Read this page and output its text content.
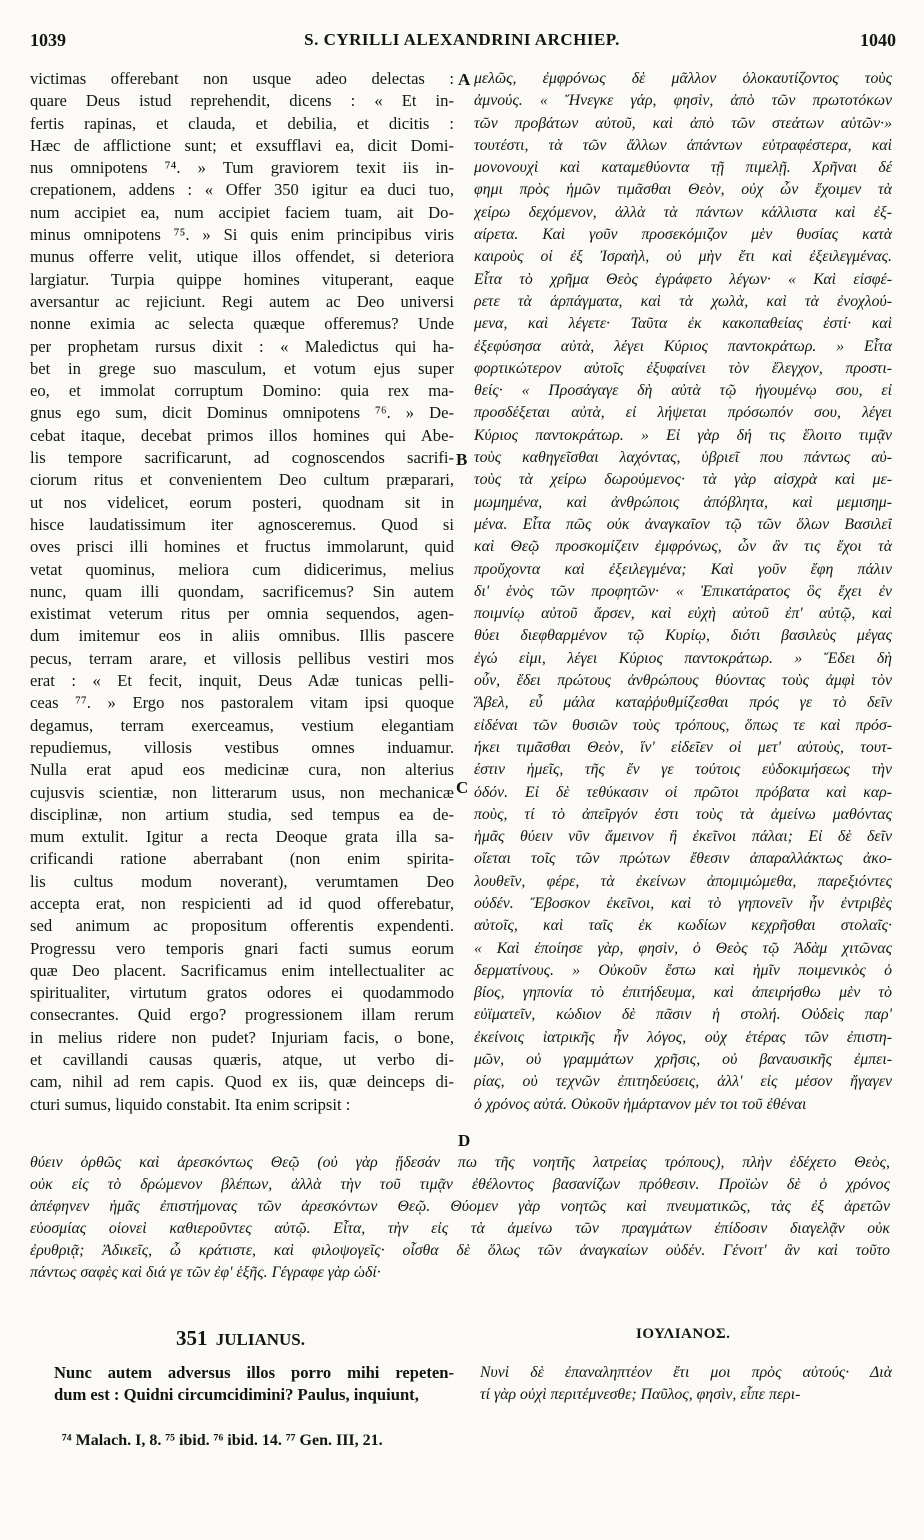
1039	S. CYRILLI ALEXANDRINI ARCHIEP.	1040
victimas offerebant non usque adeo delectas :
quare Deus istud reprehendit, dicens : « Et in-
fertis rapinas, et clauda, et debilia, et dicitis :
Hæc de afflictione sunt; et exsufflavi ea, dicit Domi-
nus omnipotens ⁷⁴. » Tum graviorem texit iis in-
crepationem, addens : « Offer 350 igitur ea duci tuo,
num accipiet ea, num accipiet faciem tuam, ait Do-
minus omnipotens ⁷⁵. » Si quis enim principibus viris
munus offerre velit, utique illos offendet, si deteriora
largiatur. Turpia quippe homines vituperant, eaque
aversantur ac rejiciunt. Regi autem ac Deo universi
nonne eximia ac selecta quæque offeremus? Unde
per prophetam rursus dixit : « Maledictus qui ha-
bet in grege suo masculum, et votum ejus super
eo, et immolat corruptum Domino: quia rex ma-
gnus ego sum, dicit Dominus omnipotens ⁷⁶. » De-
cebat itaque, decebat primos illos homines qui Abe-
lis tempore sacrificarunt, ad cognoscendos sacrifi-
ciorum ritus et convenientem Deo cultum præparari,
ut nos videlicet, eorum posteri, quodnam sit in
hisce laudatissimum iter agnosceremus. Quod si
oves prisci illi homines et fructus immolarunt, quid
vetat quominus, meliora cum didicerimus, melius
nunc, quam illi quondam, sacrificemus? Sin autem
existimat veterum ritus per omnia sequendos, agen-
dum imitemur eos in aliis omnibus. Illis pascere
pecus, terram arare, et villosis pellibus vestiri mos
erat : « Et fecit, inquit, Deus Adæ tunicas pelli-
ceas ⁷⁷. » Ergo nos pastoralem vitam ipsi quoque
degamus, terram exerceamus, vestium elegantiam
repudiemus, villosis vestibus omnes induamur.
Nulla erat apud eos medicinæ cura, non alterius
cujusvis scientiæ, non litterarum usus, non mechanicæ
disciplinæ, non artium studia, sed tempus ea de-
mum extulit. Igitur a recta Deoque grata illa sa-
crificandi ratione aberrabant (non enim spirita-
lis cultus modum noverant), verumtamen Deo
accepta erat, non respicienti ad id quod offerebatur,
sed animum ac propositum offerentis expendenti.
Progressu vero temporis gnari facti sumus eorum
quæ Deo placent. Sacrificamus enim intellectualiter ac
spiritualiter, virtutum gratos odores ei quodammodo
consecrantes. Quid ergo? progressionem illam rerum
in melius ridere non pudet? Injuriam facis, o bone,
et cavillandi causas quæris, atque, ut verbo di-
cam, nihil ad rem capis. Quod ex iis, quæ deinceps di-
cturi sumus, liquido constabit. Ita enim scripsit :
μελῶς, ἐμφρόνως δὲ μᾶλλον ὁλοκαυτίζοντος τοὺς
ἀμνούς. « Ἤνεγκε γάρ, φησὶν, ἀπὸ τῶν πρωτοτόκων
τῶν προβάτων αὐτοῦ, καὶ ἀπὸ τῶν στεάτων αὐτῶν·»
τουτέστι, τὰ τῶν ἄλλων ἁπάντων εὐτραφέστερα, καὶ
μονονουχὶ καὶ καταμεθύοντα τῇ πιμελῇ. Χρῆναι δέ
φημι πρὸς ἡμῶν τιμᾶσθαι Θεὸν, οὐχ ὧν ἔχοιμεν τὰ
χείρω δεχόμενον, ἀλλὰ τὰ πάντων κάλλιστα καὶ ἐξ-
αίρετα. Καὶ γοῦν προσεκόμιζον μὲν θυσίας κατὰ
καιροὺς οἱ ἐξ Ἰσραὴλ, οὐ μὴν ἔτι καὶ ἐξειλεγμένας.
Εἶτα τὸ χρῆμα Θεὸς ἐγράφετο λέγων· « Καὶ εἰσφέ-
ρετε τὰ ἁρπάγματα, καὶ τὰ χωλὰ, καὶ τὰ ἐνοχλού-
μενα, καὶ λέγετε· Ταῦτα ἐκ κακοπαθείας ἐστί· καὶ
ἐξεφύσησα αὐτὰ, λέγει Κύριος παντοκράτωρ. » Εἶτα
φορτικώτερον αὐτοῖς ἐξυφαίνει τὸν ἔλεγχον, προστι-
θείς· « Προσάγαγε δὴ αὐτὰ τῷ ἡγουμένῳ σου, εἰ
προσδέξεται αὐτὰ, εἰ λήψεται πρόσωπόν σου, λέγει
Κύριος παντοκράτωρ. » Εἰ γὰρ δή τις ἕλοιτο τιμᾷν
τοὺς καθηγεῖσθαι λαχόντας, ὑβριεῖ που πάντως αὐ-
τοὺς τὰ χείρω δωρούμενος· τὰ γὰρ αἰσχρὰ καὶ με-
μωμημένα, καὶ ἀνθρώποις ἀπόβλητα, καὶ μεμισημ-
μένα. Εἶτα πῶς οὐκ ἀναγκαῖον τῷ τῶν ὅλων Βασιλεῖ
καὶ Θεῷ προσκομίζειν ἐμφρόνως, ὧν ἂν τις ἔχοι τὰ
προὔχοντα καὶ ἐξειλεγμένα; Καὶ γοῦν ἔφη πάλιν
δι' ἑνὸς τῶν προφητῶν· « Ἐπικατάρατος ὃς ἔχει ἐν
ποιμνίῳ αὐτοῦ ἄρσεν, καὶ εὐχὴ αὐτοῦ ἐπ' αὐτῷ, καὶ
θύει διεφθαρμένον τῷ Κυρίῳ, διότι βασιλεὺς μέγας
ἐγώ εἰμι, λέγει Κύριος παντοκράτωρ. » Ἔδει δὴ
οὖν, ἔδει πρώτους ἀνθρώπους θύοντας τοὺς ἀμφὶ τὸν
Ἄβελ, εὖ μάλα καταῤῥυθμίζεσθαι πρός γε τὸ δεῖν
εἰδέναι τῶν θυσιῶν τοὺς τρόπους, ὅπως τε καὶ πρόσ-
ήκει τιμᾶσθαι Θεὸν, ἵν' εἰδεῖεν οἱ μετ' αὐτοὺς, τουτ-
έστιν ἡμεῖς, τῆς ἔν γε τούτοις εὐδοκιμήσεως τὴν
ὁδόν. Εἰ δὲ τεθύκασιν οἱ πρῶτοι πρόβατα καὶ καρ-
ποὺς, τί τὸ ἀπεῖργόν ἐστι τοὺς τὰ ἀμείνω μαθόντας
ἡμᾶς θύειν νῦν ἄμεινον ἢ ἐκεῖνοι πάλαι; Εἰ δὲ δεῖν
οἴεται τοῖς τῶν πρώτων ἔθεσιν ἀπαραλλάκτως ἀκο-
λουθεῖν, φέρε, τὰ ἐκείνων ἀπομιμώμεθα, παρεξιόντες
οὐδέν. Ἔβοσκον ἐκεῖνοι, καὶ τὸ γηπονεῖν ἦν ἐντριβὲς
αὐτοῖς, καὶ ταῖς ἐκ κωδίων κεχρῆσθαι στολαῖς·
« Καὶ ἐποίησε γὰρ, φησὶν, ὁ Θεὸς τῷ Ἀδὰμ χιτῶνας
δερματίνους. » Οὐκοῦν ἔστω καὶ ἡμῖν ποιμενικὸς ὁ
βίος, γηπονία τὸ ἐπιτήδευμα, καὶ ἀπειρήσθω μὲν τὸ
εὐϊματεῖν, κώδιον δὲ πᾶσιν ἡ στολή. Οὐδεὶς παρ'
ἐκείνοις ἰατρικῆς ἦν λόγος, οὐχ ἑτέρας τῶν ἐπιστη-
μῶν, οὐ γραμμάτων χρῆσις, οὐ βαναυσικῆς ἐμπει-
ρίας, οὐ τεχνῶν ἐπιτηδεύσεις, ἀλλ' εἰς μέσον ἤγαγεν
ὁ χρόνος αὐτά. Οὐκοῦν ἡμάρτανον μέν τοι τοῦ ἐθέναι
A
B
C
D
θύειν ὀρθῶς καὶ ἀρεσκόντως Θεῷ (οὐ γὰρ ᾔδεσάν πω τῆς νοητῆς λατρείας τρόπους), πλὴν ἐδέχετο Θεὸς,
οὐκ εἰς τὸ δρώμενον βλέπων, ἀλλὰ τὴν τοῦ τιμᾷν ἐθέλοντος βασανίζων πρόθεσιν. Προϊὼν δὲ ὁ χρόνος
ἀπέφηνεν ἡμᾶς ἐπιστήμονας τῶν ἀρεσκόντων Θεῷ. Θύομεν γὰρ νοητῶς καὶ πνευματικῶς, τὰς ἐξ ἀρετῶν
εὐοσμίας οἱονεὶ καθιεροῦντες αὐτῷ. Εἶτα, τὴν εἰς τὰ ἀμείνω τῶν πραγμάτων ἐπίδοσιν διαγελᾷν οὐκ
ἐρυθριᾷ; Ἀδικεῖς, ὦ κράτιστε, καὶ φιλοψογεῖς· οἶσθα δὲ ὅλως τῶν ἀναγκαίων οὐδέν. Γένοιτ' ἂν καὶ τοῦτο
πάντως σαφὲς καὶ διά γε τῶν ἐφ' ἑξῆς. Γέγραφε γὰρ ὡδί·
351 JULIANUS.	ΙΟΥΛΙΑΝΟΣ.
Nunc autem adversus illos porro mihi repeten-
dum est : Quidni circumcidimini? Paulus, inquiunt,
Νυνὶ δὲ ἐπαναληπτέον ἔτι μοι πρὸς αὐτούς· Διὰ
τί γὰρ οὐχὶ περιτέμνεσθε; Παῦλος, φησὶν, εἶπε περι-
⁷⁴ Malach. I, 8. ⁷⁵ ibid. ⁷⁶ ibid. 14. ⁷⁷ Gen. III, 21.
